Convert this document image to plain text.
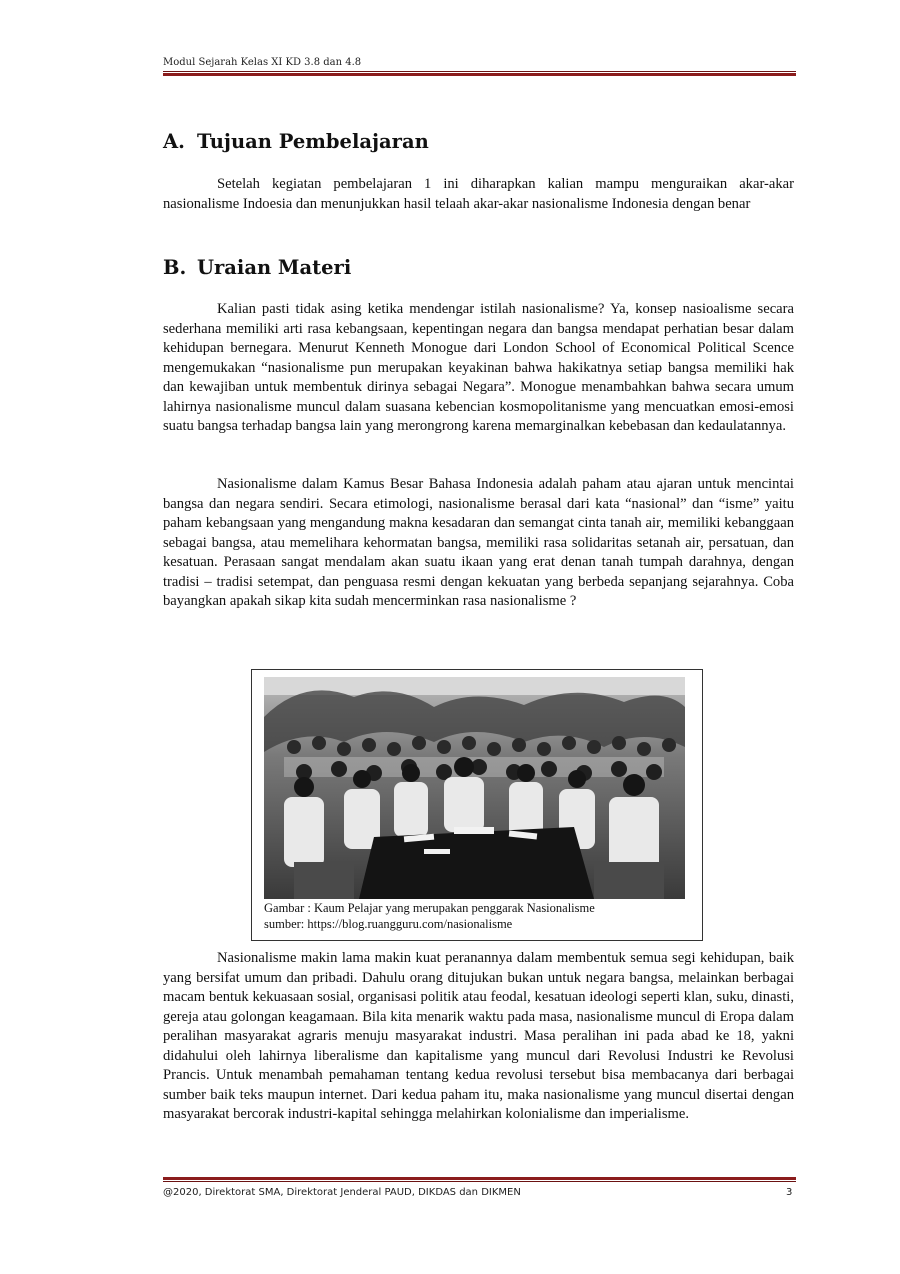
Modul Sejarah Kelas XI KD 3.8 dan 4.8
A. Tujuan Pembelajaran

Setelah kegiatan pembelajaran 1 ini diharapkan kalian mampu menguraikan akar-akar nasionalisme Indoesia dan menunjukkan hasil telaah akar-akar nasionalisme Indonesia dengan benar

B. Uraian Materi

Kalian pasti tidak asing ketika mendengar istilah nasionalisme? Ya, konsep nasioalisme secara sederhana memiliki arti rasa kebangsaan, kepentingan negara dan bangsa mendapat perhatian besar dalam kehidupan bernegara. Menurut Kenneth Monogue dari London School of Economical Political Scence mengemukakan “nasionalisme pun merupakan keyakinan bahwa hakikatnya setiap bangsa memiliki hak dan kewajiban untuk membentuk dirinya sebagai Negara”. Monogue menambahkan bahwa secara umum lahirnya nasionalisme muncul dalam suasana kebencian kosmopolitanisme yang mencuatkan emosi-emosi suatu bangsa terhadap bangsa lain yang merongrong karena memarginalkan kebebasan dan kedaulatannya.

Nasionalisme dalam Kamus Besar Bahasa Indonesia adalah paham atau ajaran untuk mencintai bangsa dan negara sendiri. Secara etimologi, nasionalisme berasal dari kata “nasional” dan “isme” yaitu paham kebangsaan yang mengandung makna kesadaran dan semangat cinta tanah air, memiliki kebanggaan sebagai bangsa, atau memelihara kehormatan bangsa, memiliki rasa solidaritas setanah air, persatuan, dan kesatuan. Perasaan sangat mendalam akan suatu ikaan yang erat denan tanah tumpah darahnya, dengan tradisi – tradisi setempat, dan penguasa resmi dengan kekuatan yang berbeda sepanjang sejarahnya. Coba bayangkan apakah sikap kita sudah mencerminkan rasa nasionalisme ?

Gambar : Kaum Pelajar yang merupakan penggarak Nasionalisme
sumber: https://blog.ruangguru.com/nasionalisme

Nasionalisme makin lama makin kuat peranannya dalam membentuk semua segi kehidupan, baik yang bersifat umum dan pribadi. Dahulu orang ditujukan bukan untuk negara bangsa, melainkan berbagai macam bentuk kekuasaan sosial, organisasi politik atau feodal, kesatuan ideologi seperti klan, suku, dinasti, gereja atau golongan keagamaan. Bila kita menarik waktu pada masa, nasionalisme muncul di Eropa dalam peralihan masyarakat agraris menuju masyarakat industri. Masa peralihan ini pada abad ke 18, yakni didahului oleh lahirnya liberalisme dan kapitalisme yang muncul dari Revolusi Industri ke Revolusi Prancis. Untuk menambah pemahaman tentang kedua revolusi tersebut bisa membacanya dari berbagai sumber baik teks maupun internet. Dari kedua paham itu, maka nasionalisme yang muncul disertai dengan masyarakat bercorak industri-kapital sehingga melahirkan kolonialisme dan imperialisme.

@2020, Direktorat SMA, Direktorat Jenderal PAUD, DIKDAS dan DIKMEN	3
